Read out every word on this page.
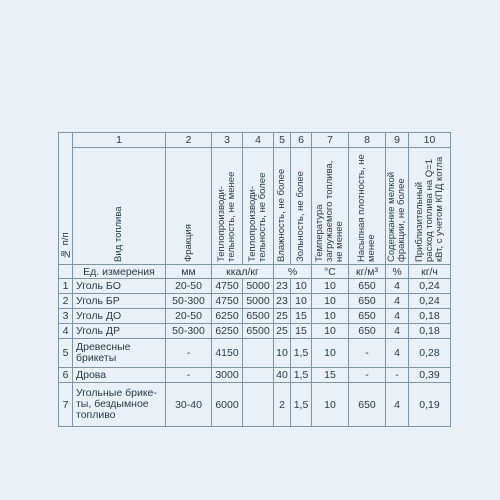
№ п/п	1	2	3	4	5	6	7	8	9	10

	Вид топлива	Фракция	Теплопроизводи-тельность, не менее	Теплопроизводи-тельность, не более	Влажность, не более	Зольность, не более	Температура загружаемого топлива, не менее	Насыпная плотность, не менее	Содержание мелкой фракции, не более	Приблизительный расход топлива на Q=1 кВт, с учетом КПД котла

	Ед. измерения	мм	ккал/кг		%		°С	кг/м³	%	кг/ч
1	Уголь БО	20-50	4750	5000	23	10	10	650	4	0,24
2	Уголь БР	50-300	4750	5000	23	10	10	650	4	0,24
3	Уголь ДО	20-50	6250	6500	25	15	10	650	4	0,18
4	Уголь ДР	50-300	6250	6500	25	15	10	650	4	0,18
5	Древесные брикеты	-	4150		10	1,5	10	-	4	0,28
6	Дрова	-	3000		40	1,5	15	-	-	0,39
7	Угольные брике-ты, бездымное топливо	30-40	6000		2	1,5	10	650	4	0,19
